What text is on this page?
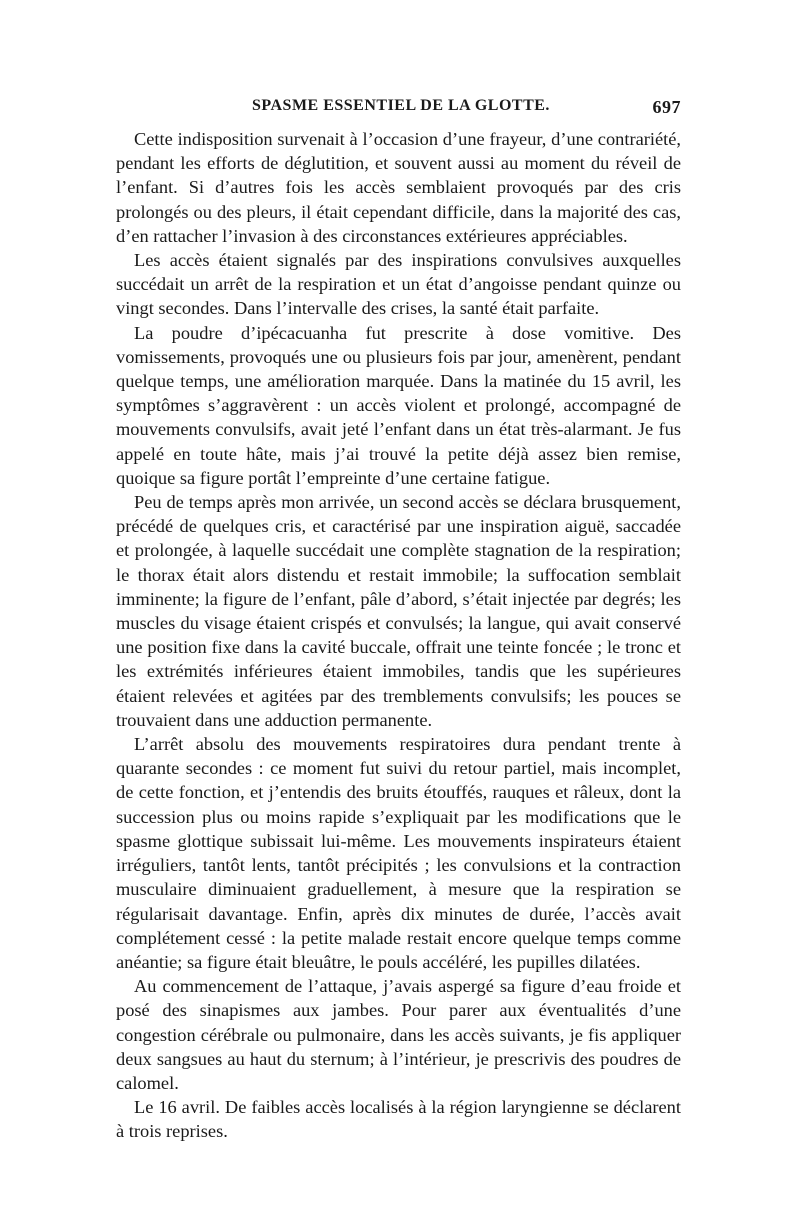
SPASME ESSENTIEL DE LA GLOTTE.	697

Cette indisposition survenait à l’occasion d’une frayeur, d’une contrariété, pendant les efforts de déglutition, et souvent aussi au moment du réveil de l’enfant. Si d’autres fois les accès semblaient provoqués par des cris prolongés ou des pleurs, il était cependant difficile, dans la majorité des cas, d’en rattacher l’invasion à des circonstances extérieures appréciables.

Les accès étaient signalés par des inspirations convulsives auxquelles succédait un arrêt de la respiration et un état d’angoisse pendant quinze ou vingt secondes. Dans l’intervalle des crises, la santé était parfaite.

La poudre d’ipécacuanha fut prescrite à dose vomitive. Des vomissements, provoqués une ou plusieurs fois par jour, amenèrent, pendant quelque temps, une amélioration marquée. Dans la matinée du 15 avril, les symptômes s’aggravèrent : un accès violent et prolongé, accompagné de mouvements convulsifs, avait jeté l’enfant dans un état très-alarmant. Je fus appelé en toute hâte, mais j’ai trouvé la petite déjà assez bien remise, quoique sa figure portât l’empreinte d’une certaine fatigue.

Peu de temps après mon arrivée, un second accès se déclara brusquement, précédé de quelques cris, et caractérisé par une inspiration aiguë, saccadée et prolongée, à laquelle succédait une complète stagnation de la respiration; le thorax était alors distendu et restait immobile; la suffocation semblait imminente; la figure de l’enfant, pâle d’abord, s’était injectée par degrés; les muscles du visage étaient crispés et convulsés; la langue, qui avait conservé une position fixe dans la cavité buccale, offrait une teinte foncée ; le tronc et les extrémités inférieures étaient immobiles, tandis que les supérieures étaient relevées et agitées par des tremblements convulsifs; les pouces se trouvaient dans une adduction permanente.

L’arrêt absolu des mouvements respiratoires dura pendant trente à quarante secondes : ce moment fut suivi du retour partiel, mais incomplet, de cette fonction, et j’entendis des bruits étouffés, rauques et râleux, dont la succession plus ou moins rapide s’expliquait par les modifications que le spasme glottique subissait lui-même. Les mouvements inspirateurs étaient irréguliers, tantôt lents, tantôt précipités ; les convulsions et la contraction musculaire diminuaient graduellement, à mesure que la respiration se régularisait davantage. Enfin, après dix minutes de durée, l’accès avait complétement cessé : la petite malade restait encore quelque temps comme anéantie; sa figure était bleuâtre, le pouls accéléré, les pupilles dilatées.

Au commencement de l’attaque, j’avais aspergé sa figure d’eau froide et posé des sinapismes aux jambes. Pour parer aux éventualités d’une congestion cérébrale ou pulmonaire, dans les accès suivants, je fis appliquer deux sangsues au haut du sternum; à l’intérieur, je prescrivis des poudres de calomel.

Le 16 avril. De faibles accès localisés à la région laryngienne se déclarent à trois reprises.
